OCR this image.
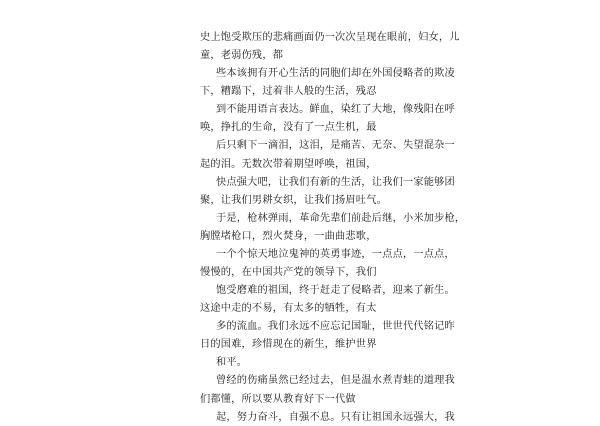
史上饱受欺压的悲痛画面仍一次次呈现在眼前，妇女，儿
童，老弱伤残，都
些本该拥有开心生活的同胞们却在外国侵略者的欺凌
下，糟蹋下，过着非人般的生活，残忍
到不能用语言表达。鲜血，染红了大地，像残阳在呼
唤，挣扎的生命，没有了一点生机，最
后只剩下一滴泪，这泪，是痛苦、无奈、失望混杂一
起的泪。无数次带着期望呼唤，祖国，
快点强大吧，让我们有新的生活，让我们一家能够团
聚，让我们男耕女织，让我们扬眉吐气。
于是，枪林弹雨，革命先辈们前赴后继，小米加步枪，
胸膛堵枪口，烈火焚身，一曲曲悲歌，
一个个惊天地泣鬼神的英勇事迹，一点点，一点点，
慢慢的，在中国共产党的领导下，我们
饱受磨难的祖国，终于赶走了侵略者，迎来了新生。
这途中走的不易，有太多的牺牲，有太
多的流血。我们永远不应忘记国耻，世世代代铭记昨
日的国难，珍惜现在的新生，维护世界
和平。
曾经的伤痛虽然已经过去，但是温水煮青蛙的道理我
们都懂，所以要从教育好下一代做
起，努力奋斗，自强不息。只有让祖国永远强大，我
